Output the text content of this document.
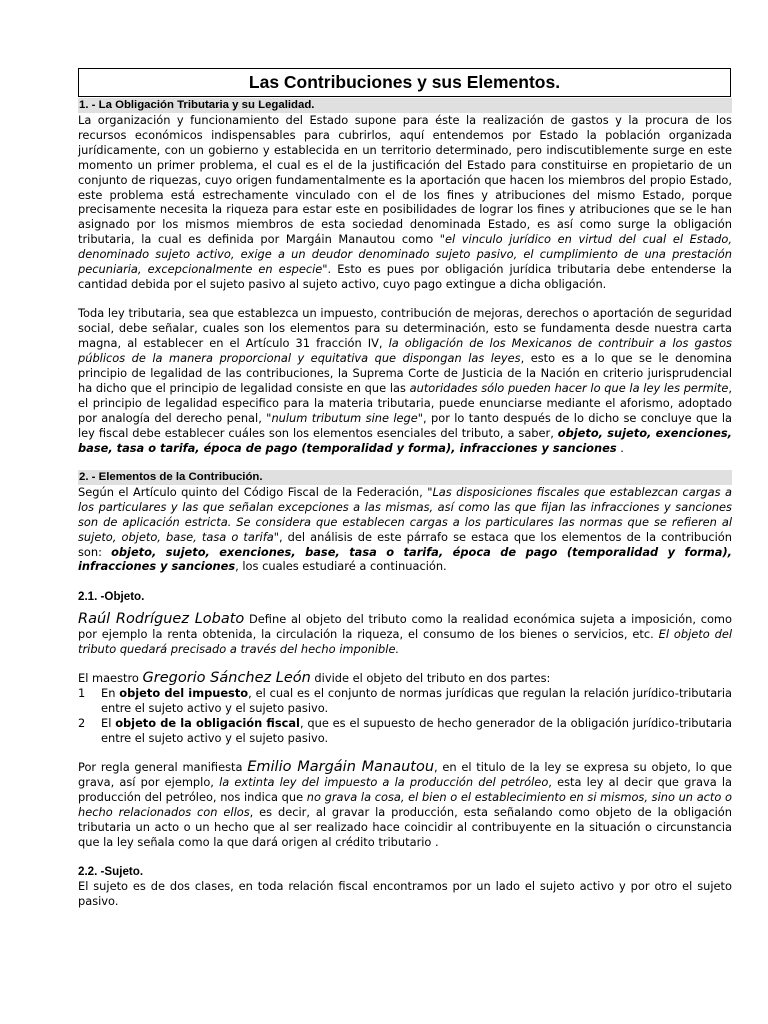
Las Contribuciones y sus Elementos.
1. - La Obligación Tributaria y su Legalidad.

La organización y funcionamiento del Estado supone para éste la realización de gastos y la procura de los recursos económicos indispensables para cubrirlos, aquí entendemos por Estado la población organizada jurídicamente, con un gobierno y establecida en un territorio determinado, pero indiscutiblemente surge en este momento un primer problema, el cual es el de la justificación del Estado para constituirse en propietario de un conjunto de riquezas, cuyo origen fundamentalmente es la aportación que hacen los miembros del propio Estado, este problema está estrechamente vinculado con el de los fines y atribuciones del mismo Estado, porque precisamente necesita la riqueza para estar este en posibilidades de lograr los fines y atribuciones que se le han asignado por los mismos miembros de esta sociedad denominada Estado, es así como surge la obligación tributaria, la cual es definida por Margáin Manautou como "el vinculo jurídico en virtud del cual el Estado, denominado sujeto activo, exige a un deudor denominado sujeto pasivo, el cumplimiento de una prestación pecuniaria, excepcionalmente en especie". Esto es pues por obligación jurídica tributaria debe entenderse la cantidad debida por el sujeto pasivo al sujeto activo, cuyo pago extingue a dicha obligación.

Toda ley tributaria, sea que establezca un impuesto, contribución de mejoras, derechos o aportación de seguridad social, debe señalar, cuales son los elementos para su determinación, esto se fundamenta desde nuestra carta magna, al establecer en el Artículo 31 fracción IV, la obligación de los Mexicanos de contribuir a los gastos públicos de la manera proporcional y equitativa que dispongan las leyes, esto es a lo que se le denomina principio de legalidad de las contribuciones, la Suprema Corte de Justicia de la Nación en criterio jurisprudencial ha dicho que el principio de legalidad consiste en que las autoridades sólo pueden hacer lo que la ley les permite, el principio de legalidad especifico para la materia tributaria, puede enunciarse mediante el aforismo, adoptado por analogía del derecho penal, "nulum tributum sine lege", por lo tanto después de lo dicho se concluye que la ley fiscal debe establecer cuáles son los elementos esenciales del tributo, a saber, objeto, sujeto, exenciones, base, tasa o tarifa, época de pago (temporalidad y forma), infracciones y sanciones .

2. - Elementos de la Contribución.

Según el Artículo quinto del Código Fiscal de la Federación, "Las disposiciones fiscales que establezcan cargas a los particulares y las que señalan excepciones a las mismas, así como las que fijan las infracciones y sanciones son de aplicación estricta. Se considera que establecen cargas a los particulares las normas que se refieren al sujeto, objeto, base, tasa o tarifa", del análisis de este párrafo se estaca que los elementos de la contribución son: objeto, sujeto, exenciones, base, tasa o tarifa, época de pago (temporalidad y forma), infracciones y sanciones, los cuales estudiaré a continuación.

2.1. -Objeto.

Raúl Rodríguez Lobato Define al objeto del tributo como la realidad económica sujeta a imposición, como por ejemplo la renta obtenida, la circulación la riqueza, el consumo de los bienes o servicios, etc. El objeto del tributo quedará precisado a través del hecho imponible.

El maestro Gregorio Sánchez León divide el objeto del tributo en dos partes:

1	En objeto del impuesto, el cual es el conjunto de normas jurídicas que regulan la relación jurídico-tributaria entre el sujeto activo y el sujeto pasivo.
2	El objeto de la obligación fiscal, que es el supuesto de hecho generador de la obligación jurídico-tributaria entre el sujeto activo y el sujeto pasivo.

Por regla general manifiesta Emilio Margáin Manautou, en el titulo de la ley se expresa su objeto, lo que grava, así por ejemplo, la extinta ley del impuesto a la producción del petróleo, esta ley al decir que grava la producción del petróleo, nos indica que no grava la cosa, el bien o el establecimiento en si mismos, sino un acto o hecho relacionados con ellos, es decir, al gravar la producción, esta señalando como objeto de la obligación tributaria un acto o un hecho que al ser realizado hace coincidir al contribuyente en la situación o circunstancia que la ley señala como la que dará origen al crédito tributario .

2.2. -Sujeto.

El sujeto es de dos clases, en toda relación fiscal encontramos por un lado el sujeto activo y por otro el sujeto pasivo.
